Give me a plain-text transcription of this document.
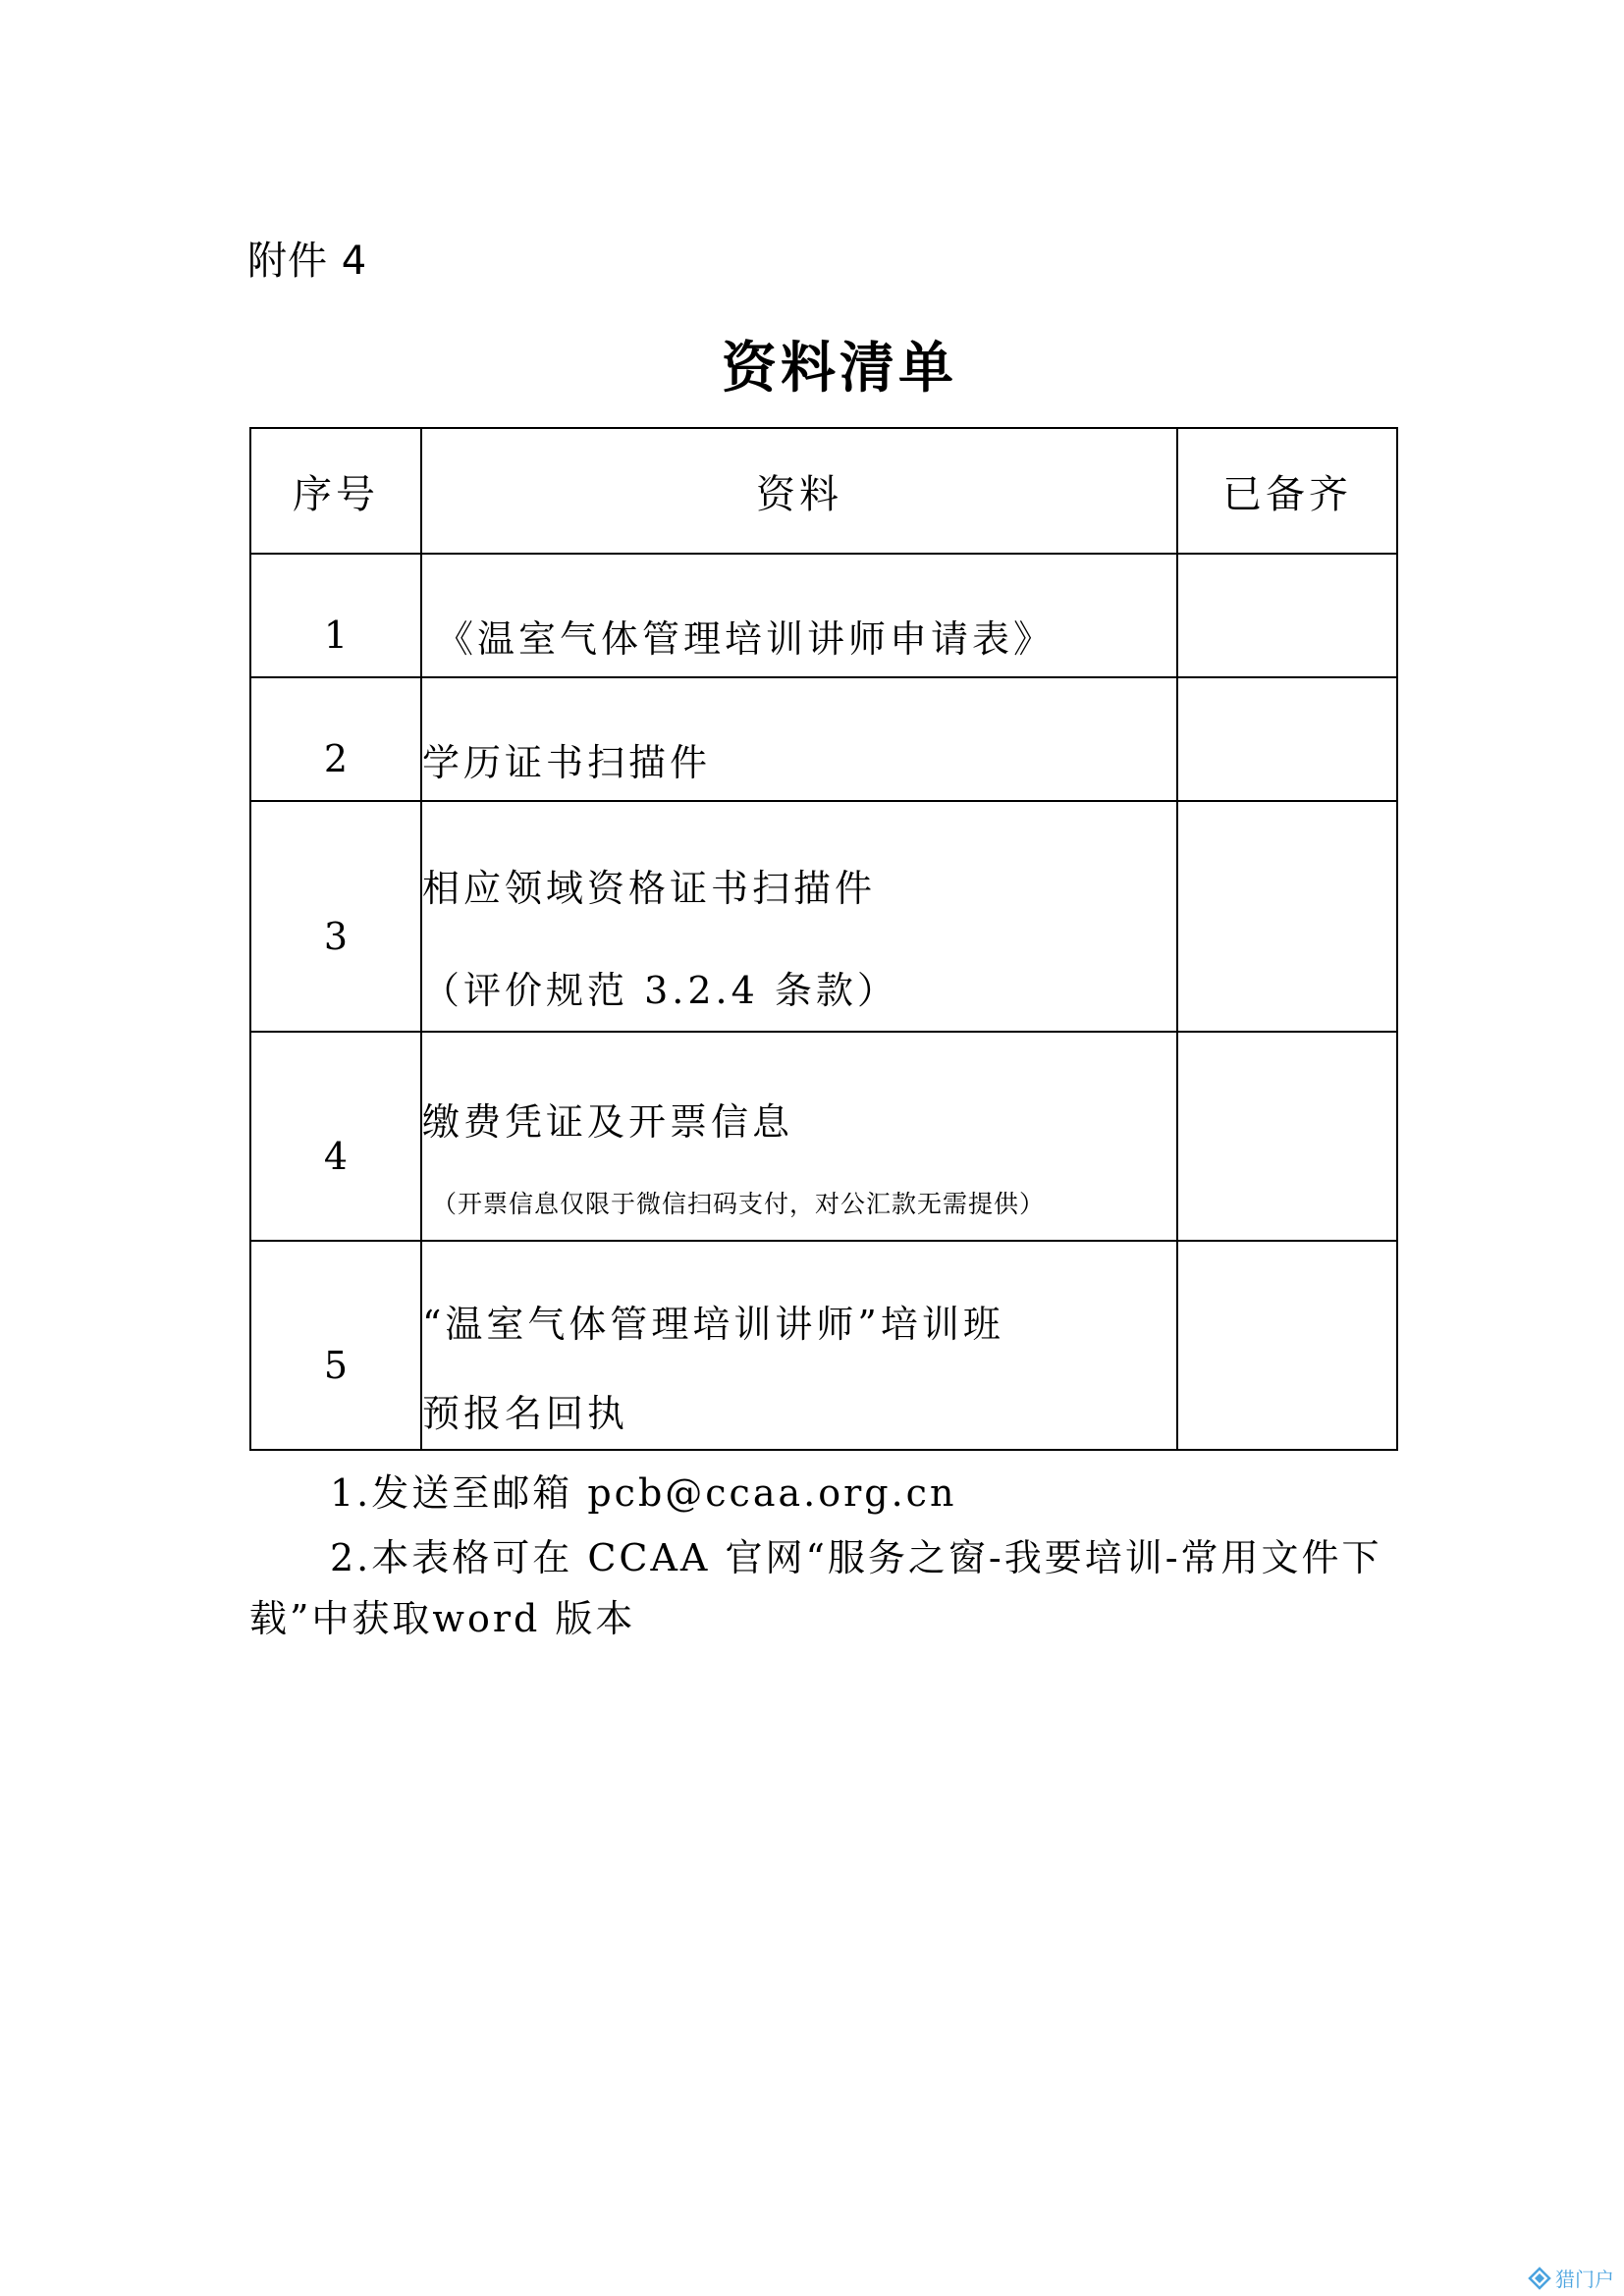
附件 4
资料清单
序号	资料	已备齐
1	《温室气体管理培训讲师申请表》	

2	学历证书扫描件	

3	相应领域资格证书扫描件
（评价规范 3.2.4 条款）	

4	缴费凭证及开票信息
（开票信息仅限于微信扫码支付，对公汇款无需提供）	

5	“温室气体管理培训讲师”培训班
预报名回执	

1.发送至邮箱 pcb@ccaa.org.cn

2.本表格可在 CCAA 官网“服务之窗-我要培训-常用文件下载”中获取word 版本

猎门户
